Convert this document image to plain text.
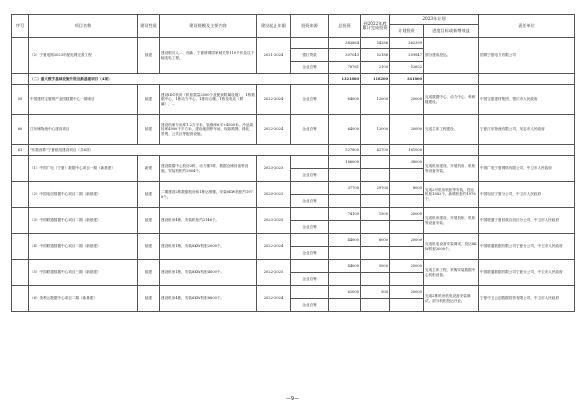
序号	项目名称	建设性质	建设规模及主要内容	建设起止年限	投资来源	总投资	到2022年底累计完成投资	2023年计划		责任单位
								计划投资	进度目标或新增效益	
	（2）宁夏电网2023年配电网完善工程	续建	建设银川人…、西新、宁夏移网国家城关等110千伏及以下输变电工程。	2021-2024		383864	54286	262399	部分建成投运。	国网宁夏电力有限公司
					银行贷款	307043	52186	209847		
					企业自筹	76761	2100	52652		
	（二）重大数字基础设施升级及新基建项目（4项）					1321880	118200	341800		
59	中国建材宝夏网产业园数据中心一期项目	续建	建设IDC机房（机柜数量2000个及配套附属设施），1栋数据中心，1栋动力中心，1栋综合楼，1栋变电站（附属），…	2022-2024	企业自筹	64000	12000	20000	完成数据中心、动力中心、科研楼建设。	中国宝夏建材集团，银川市人民政府
60	江东储物流中心建设项目	续建	建设档案专用库1.2万平米，装修库6平+4500米，冷品周转库4900千平方米，建设地面停车场，现如路网，绿化、景观、公共区等配套设施。	2022-2024	企业自筹	64000	12000	20000	完成主体工程建设。	宁夏江东物流有限公司，吴忠市人民政府
61	"东数西算"宁夏枢纽建设项目（共6项）					527800	42700	161000		
	（1）中国广电（宁夏）数据中心项目一期（新基建）	新建	建设数据中心机房2栋、动力楼1栋、数据仓储设备等设施，安装机柜约2804个。	2023-2023		186000		38000	完成机房建设。开展机房、机柜等设备安装。	中国广电宁夏网络有限公司，中卫市人民政府
					企业自筹					
	（2）中国电信数据中心项目二期（新基建）	续建	二期建设2栋数据机房和1栋运维楼，安装6KW机柜约1978个。	2020-2023		37700	29700	8000	完成2号机房机柜等安装，投运机柜1882个，新增机柜约1978个。	中国电信宁夏分公司，中卫市人民政府
					企业自筹					
	（3）中国联通数据中心项目二期（新基建）	续建	建设机房4栋，安装机柜约2146个。	2023-2025		74100	1500	20000	完成机房建设，开展机柜、机柜等设备安装。	中国联通宁夏回族自治区分公司，中卫市人民政府
					企业自筹					
	（4）中国联通数据中心项目二期（新基建）	续建	建设机房1栋，安装8KW机柜2000个。	2022-2024		44000	6000	20000	完成机电设备安装调试，投运8KW机柜2000个。	中国联通数据有限公司宁夏分公司，中卫市人民政府
					企业自筹					
	（5）中国联通数据中心项目三期（新基建）	续建	建设机房1栋，安装8KW机柜4000个。	2022-2025		44000	5000	25000	完成主体工程，采购安装数据中心机柜设备。	中国联通数据有限公司宁夏分公司，中卫市人民政府
					企业自筹					
	（6）美利云数据中心项目二期（新基建）	续建	建设机房4栋，安装6KW机柜8800个。	2022-2024		62000	500	20000	完成2栋机房机电设备安装调试，部分机柜投运开业。	宁夏中卫云创数据投资有限公司，中卫市人民政府
					企业自筹					
—9—
